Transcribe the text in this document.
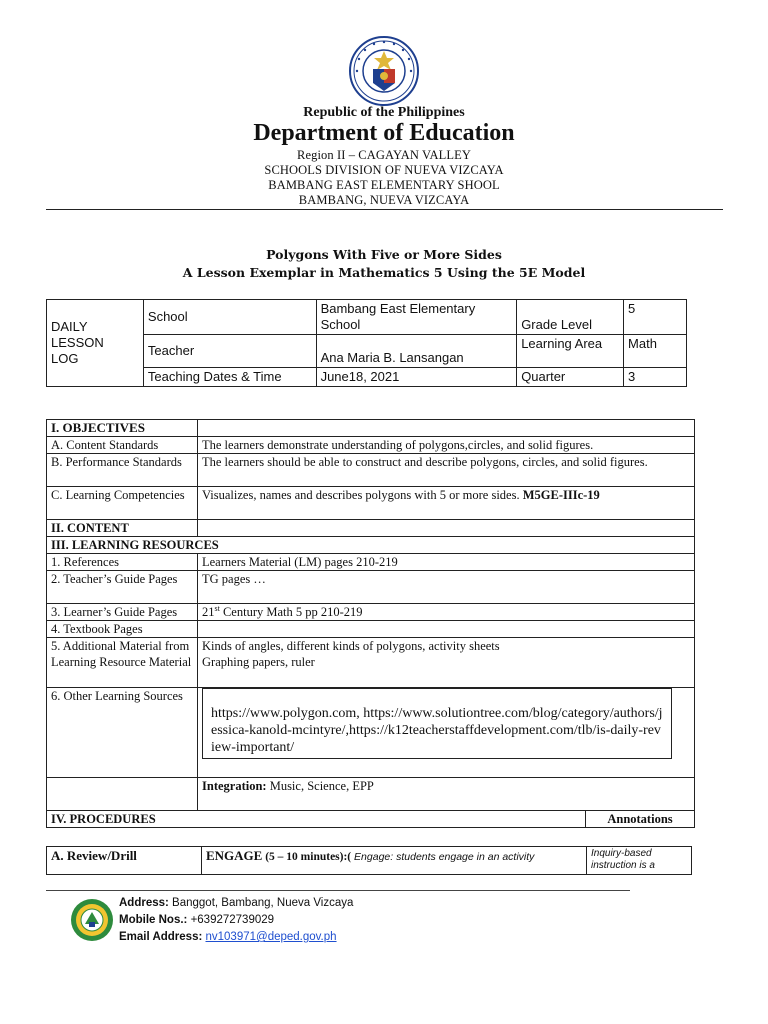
Republic of the Philippines
Department of Education
Region II – CAGAYAN VALLEY
SCHOOLS DIVISION OF NUEVA VIZCAYA
BAMBANG EAST ELEMENTARY SHOOL
BAMBANG, NUEVA VIZCAYA
Polygons With Five or More Sides
A Lesson Exemplar in Mathematics 5 Using the 5E Model
DAILY LESSON LOG	School	Bambang East Elementary School	Grade Level	5
	Teacher	Ana Maria B. Lansangan	Learning Area	Math
	Teaching Dates & Time	June18, 2021	Quarter	3
I. OBJECTIVES		
A. Content Standards	The learners demonstrate understanding of polygons,circles, and solid figures.	
B. Performance Standards	The learners should be able to construct and describe polygons, circles, and solid figures.	
C. Learning Competencies	Visualizes, names and describes polygons with 5 or more sides. M5GE-IIIc-19	
II. CONTENT		
III. LEARNING RESOURCES		
1. References	Learners Material (LM) pages 210-219	
2. Teacher’s Guide Pages	TG pages …	
3. Learner’s Guide Pages	21st Century Math 5 pp 210-219	
4. Textbook Pages		
5. Additional Material from Learning Resource Material	Kinds of angles, different kinds of polygons, activity sheets
Graphing papers, ruler	

6. Other Learning Sources	https://www.polygon.com, https://www.solutiontree.com/blog/category/authors/jessica-kanold-mcintyre/,https://k12teacherstaffdevelopment.com/tlb/is-daily-review-important/	

	Integration: Music, Science, EPP	
IV. PROCEDURES		Annotations
A. Review/Drill	ENGAGE (5 – 10 minutes):( Engage: students engage in an activity	Inquiry-based instruction is a
Address: Banggot, Bambang, Nueva Vizcaya
Mobile Nos.: +639272739029
Email Address: nv103971@deped.gov.ph
